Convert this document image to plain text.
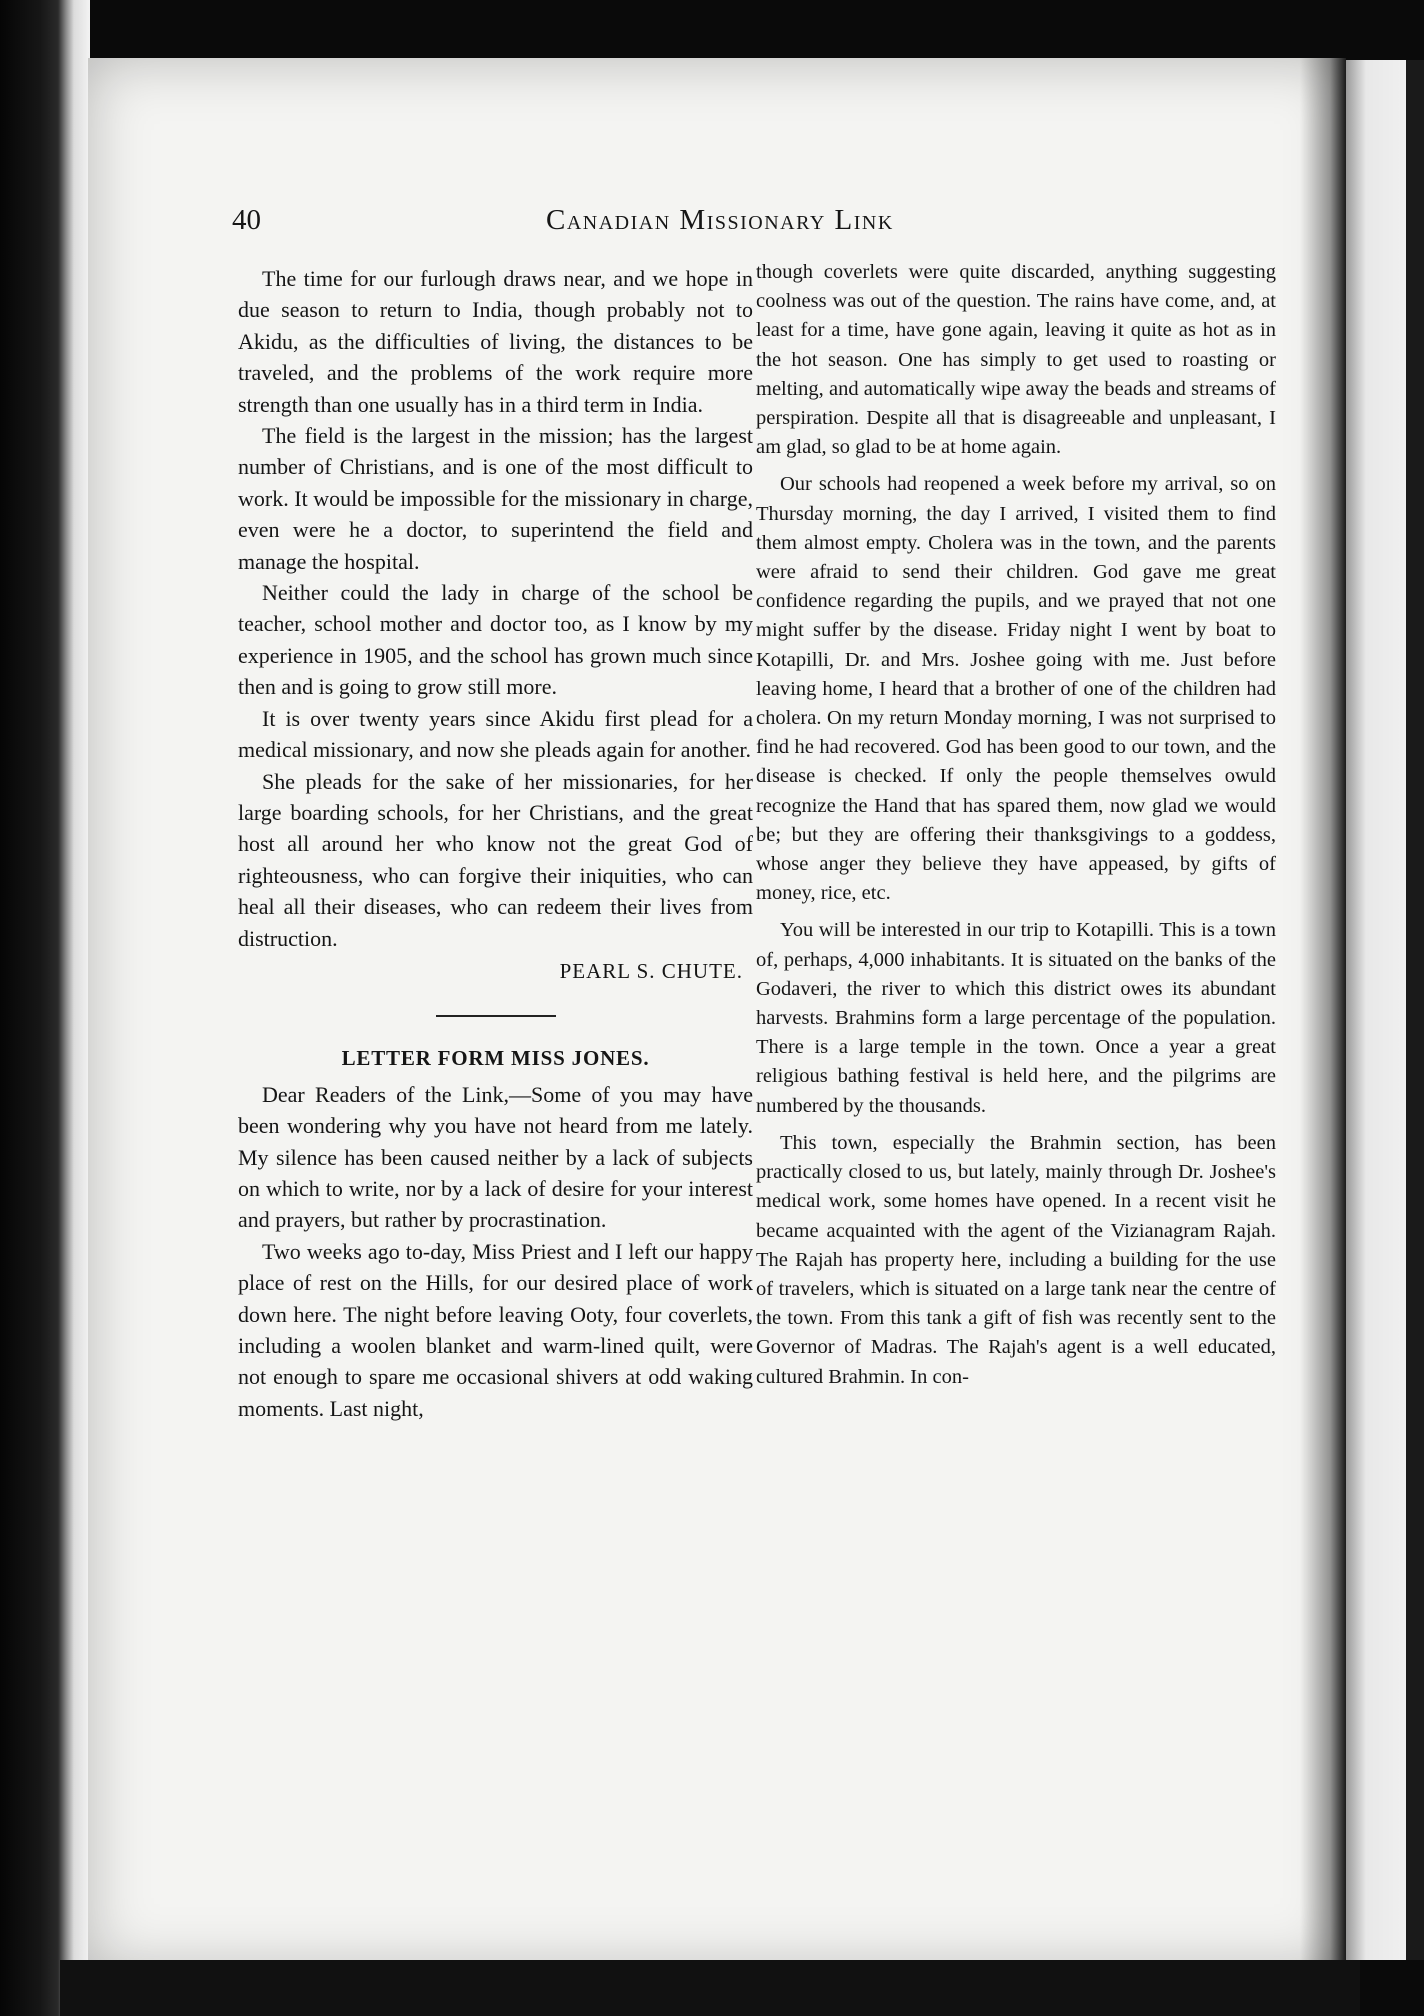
40	Canadian Missionary Link

The time for our furlough draws near, and we hope in due season to return to India, though probably not to Akidu, as the difficulties of living, the distances to be traveled, and the problems of the work require more strength than one usually has in a third term in India.

The field is the largest in the mission; has the largest number of Christians, and is one of the most difficult to work. It would be impossible for the missionary in charge, even were he a doctor, to superintend the field and manage the hospital.

Neither could the lady in charge of the school be teacher, school mother and doctor too, as I know by my experience in 1905, and the school has grown much since then and is going to grow still more.

It is over twenty years since Akidu first plead for a medical missionary, and now she pleads again for another.

She pleads for the sake of her missionaries, for her large boarding schools, for her Christians, and the great host all around her who know not the great God of righteousness, who can forgive their iniquities, who can heal all their diseases, who can redeem their lives from distruction.

PEARL S. CHUTE.
LETTER FORM MISS JONES.

Dear Readers of the Link,—Some of you may have been wondering why you have not heard from me lately. My silence has been caused neither by a lack of subjects on which to write, nor by a lack of desire for your interest and prayers, but rather by procrastination.

Two weeks ago to-day, Miss Priest and I left our happy place of rest on the Hills, for our desired place of work down here. The night before leaving Ooty, four coverlets, including a woolen blanket and warm-lined quilt, were not enough to spare me occasional shivers at odd waking moments. Last night,

though coverlets were quite discarded, anything suggesting coolness was out of the question. The rains have come, and, at least for a time, have gone again, leaving it quite as hot as in the hot season. One has simply to get used to roasting or melting, and automatically wipe away the beads and streams of perspiration. Despite all that is disagreeable and unpleasant, I am glad, so glad to be at home again.

Our schools had reopened a week before my arrival, so on Thursday morning, the day I arrived, I visited them to find them almost empty. Cholera was in the town, and the parents were afraid to send their children. God gave me great confidence regarding the pupils, and we prayed that not one might suffer by the disease. Friday night I went by boat to Kotapilli, Dr. and Mrs. Joshee going with me. Just before leaving home, I heard that a brother of one of the children had cholera. On my return Monday morning, I was not surprised to find he had recovered. God has been good to our town, and the disease is checked. If only the people themselves owuld recognize the Hand that has spared them, now glad we would be; but they are offering their thanksgivings to a goddess, whose anger they believe they have appeased, by gifts of money, rice, etc.

You will be interested in our trip to Kotapilli. This is a town of, perhaps, 4,000 inhabitants. It is situated on the banks of the Godaveri, the river to which this district owes its abundant harvests. Brahmins form a large percentage of the population. There is a large temple in the town. Once a year a great religious bathing festival is held here, and the pilgrims are numbered by the thousands.

This town, especially the Brahmin section, has been practically closed to us, but lately, mainly through Dr. Joshee's medical work, some homes have opened. In a recent visit he became acquainted with the agent of the Vizianagram Rajah. The Rajah has property here, including a building for the use of travelers, which is situated on a large tank near the centre of the town. From this tank a gift of fish was recently sent to the Governor of Madras. The Rajah's agent is a well educated, cultured Brahmin. In con-
